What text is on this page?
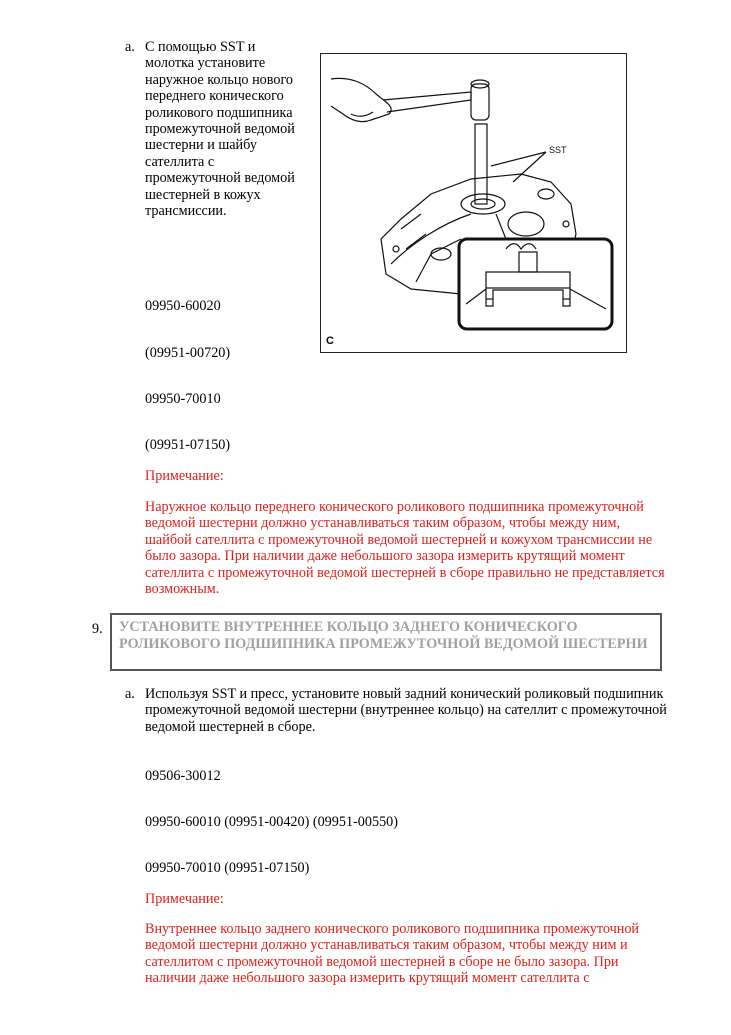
a. С помощью SST и молотка установите наружное кольцо нового переднего конического роликового подшипника промежуточной ведомой шестерни и шайбу сателлита с промежуточной ведомой шестерней в кожух трансмиссии.
09950-60020
(09951-00720)
09950-70010
(09951-07150)
Примечание:
Наружное кольцо переднего конического роликового подшипника промежуточной ведомой шестерни должно устанавливаться таким образом, чтобы между ним, шайбой сателлита с промежуточной ведомой шестерней и кожухом трансмиссии не было зазора. При наличии даже небольшого зазора измерить крутящий момент сателлита с промежуточной ведомой шестерней в сборе правильно не представляется возможным.
SST
C
9.	УСТАНОВИТЕ ВНУТРЕННЕЕ КОЛЬЦО ЗАДНЕГО КОНИЧЕСКОГО РОЛИКОВОГО ПОДШИПНИКА ПРОМЕЖУТОЧНОЙ ВЕДОМОЙ ШЕСТЕРНИ
a. Используя SST и пресс, установите новый задний конический роликовый подшипник промежуточной ведомой шестерни (внутреннее кольцо) на сателлит с промежуточной ведомой шестерней в сборе.
09506-30012
09950-60010 (09951-00420) (09951-00550)
09950-70010 (09951-07150)
Примечание:
Внутреннее кольцо заднего конического роликового подшипника промежуточной ведомой шестерни должно устанавливаться таким образом, чтобы между ним и сателлитом с промежуточной ведомой шестерней в сборе не было зазора. При наличии даже небольшого зазора измерить крутящий момент сателлита с
